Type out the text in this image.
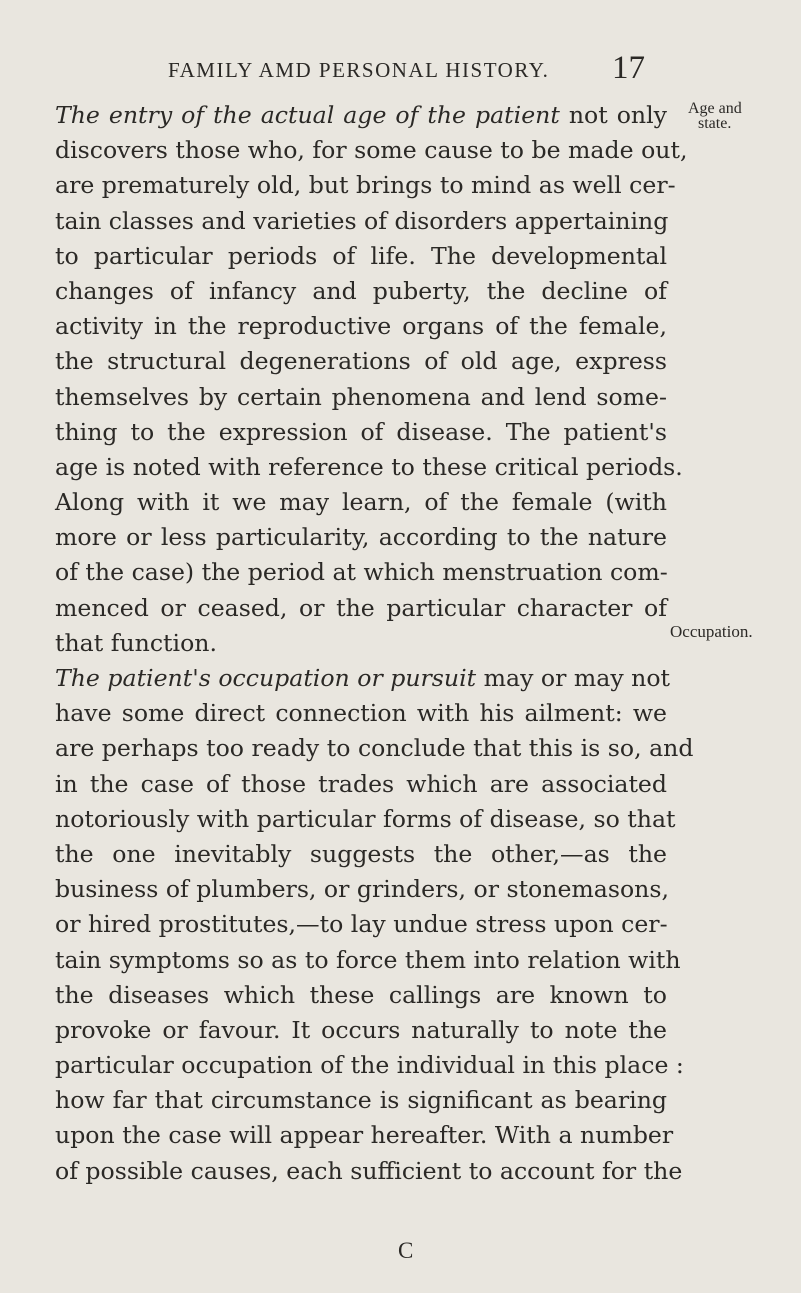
FAMILY AMD PERSONAL HISTORY. 17
Age and
state.
Occupation.
The entry of the actual age of the patient not only
discovers those who, for some cause to be made out,
are prematurely old, but brings to mind as well cer-
tain classes and varieties of disorders appertaining
to particular periods of life. The developmental
changes of infancy and puberty, the decline of
activity in the reproductive organs of the female,
the structural degenerations of old age, express
themselves by certain phenomena and lend some-
thing to the expression of disease. The patient's
age is noted with reference to these critical periods.
Along with it we may learn, of the female (with
more or less particularity, according to the nature
of the case) the period at which menstruation com-
menced or ceased, or the particular character of
that function.
The patient's occupation or pursuit may or may not
have some direct connection with his ailment: we
are perhaps too ready to conclude that this is so, and
in the case of those trades which are associated
notoriously with particular forms of disease, so that
the one inevitably suggests the other,—as the
business of plumbers, or grinders, or stonemasons,
or hired prostitutes,—to lay undue stress upon cer-
tain symptoms so as to force them into relation with
the diseases which these callings are known to
provoke or favour. It occurs naturally to note the
particular occupation of the individual in this place :
how far that circumstance is significant as bearing
upon the case will appear hereafter. With a number
of possible causes, each sufficient to account for the
C
